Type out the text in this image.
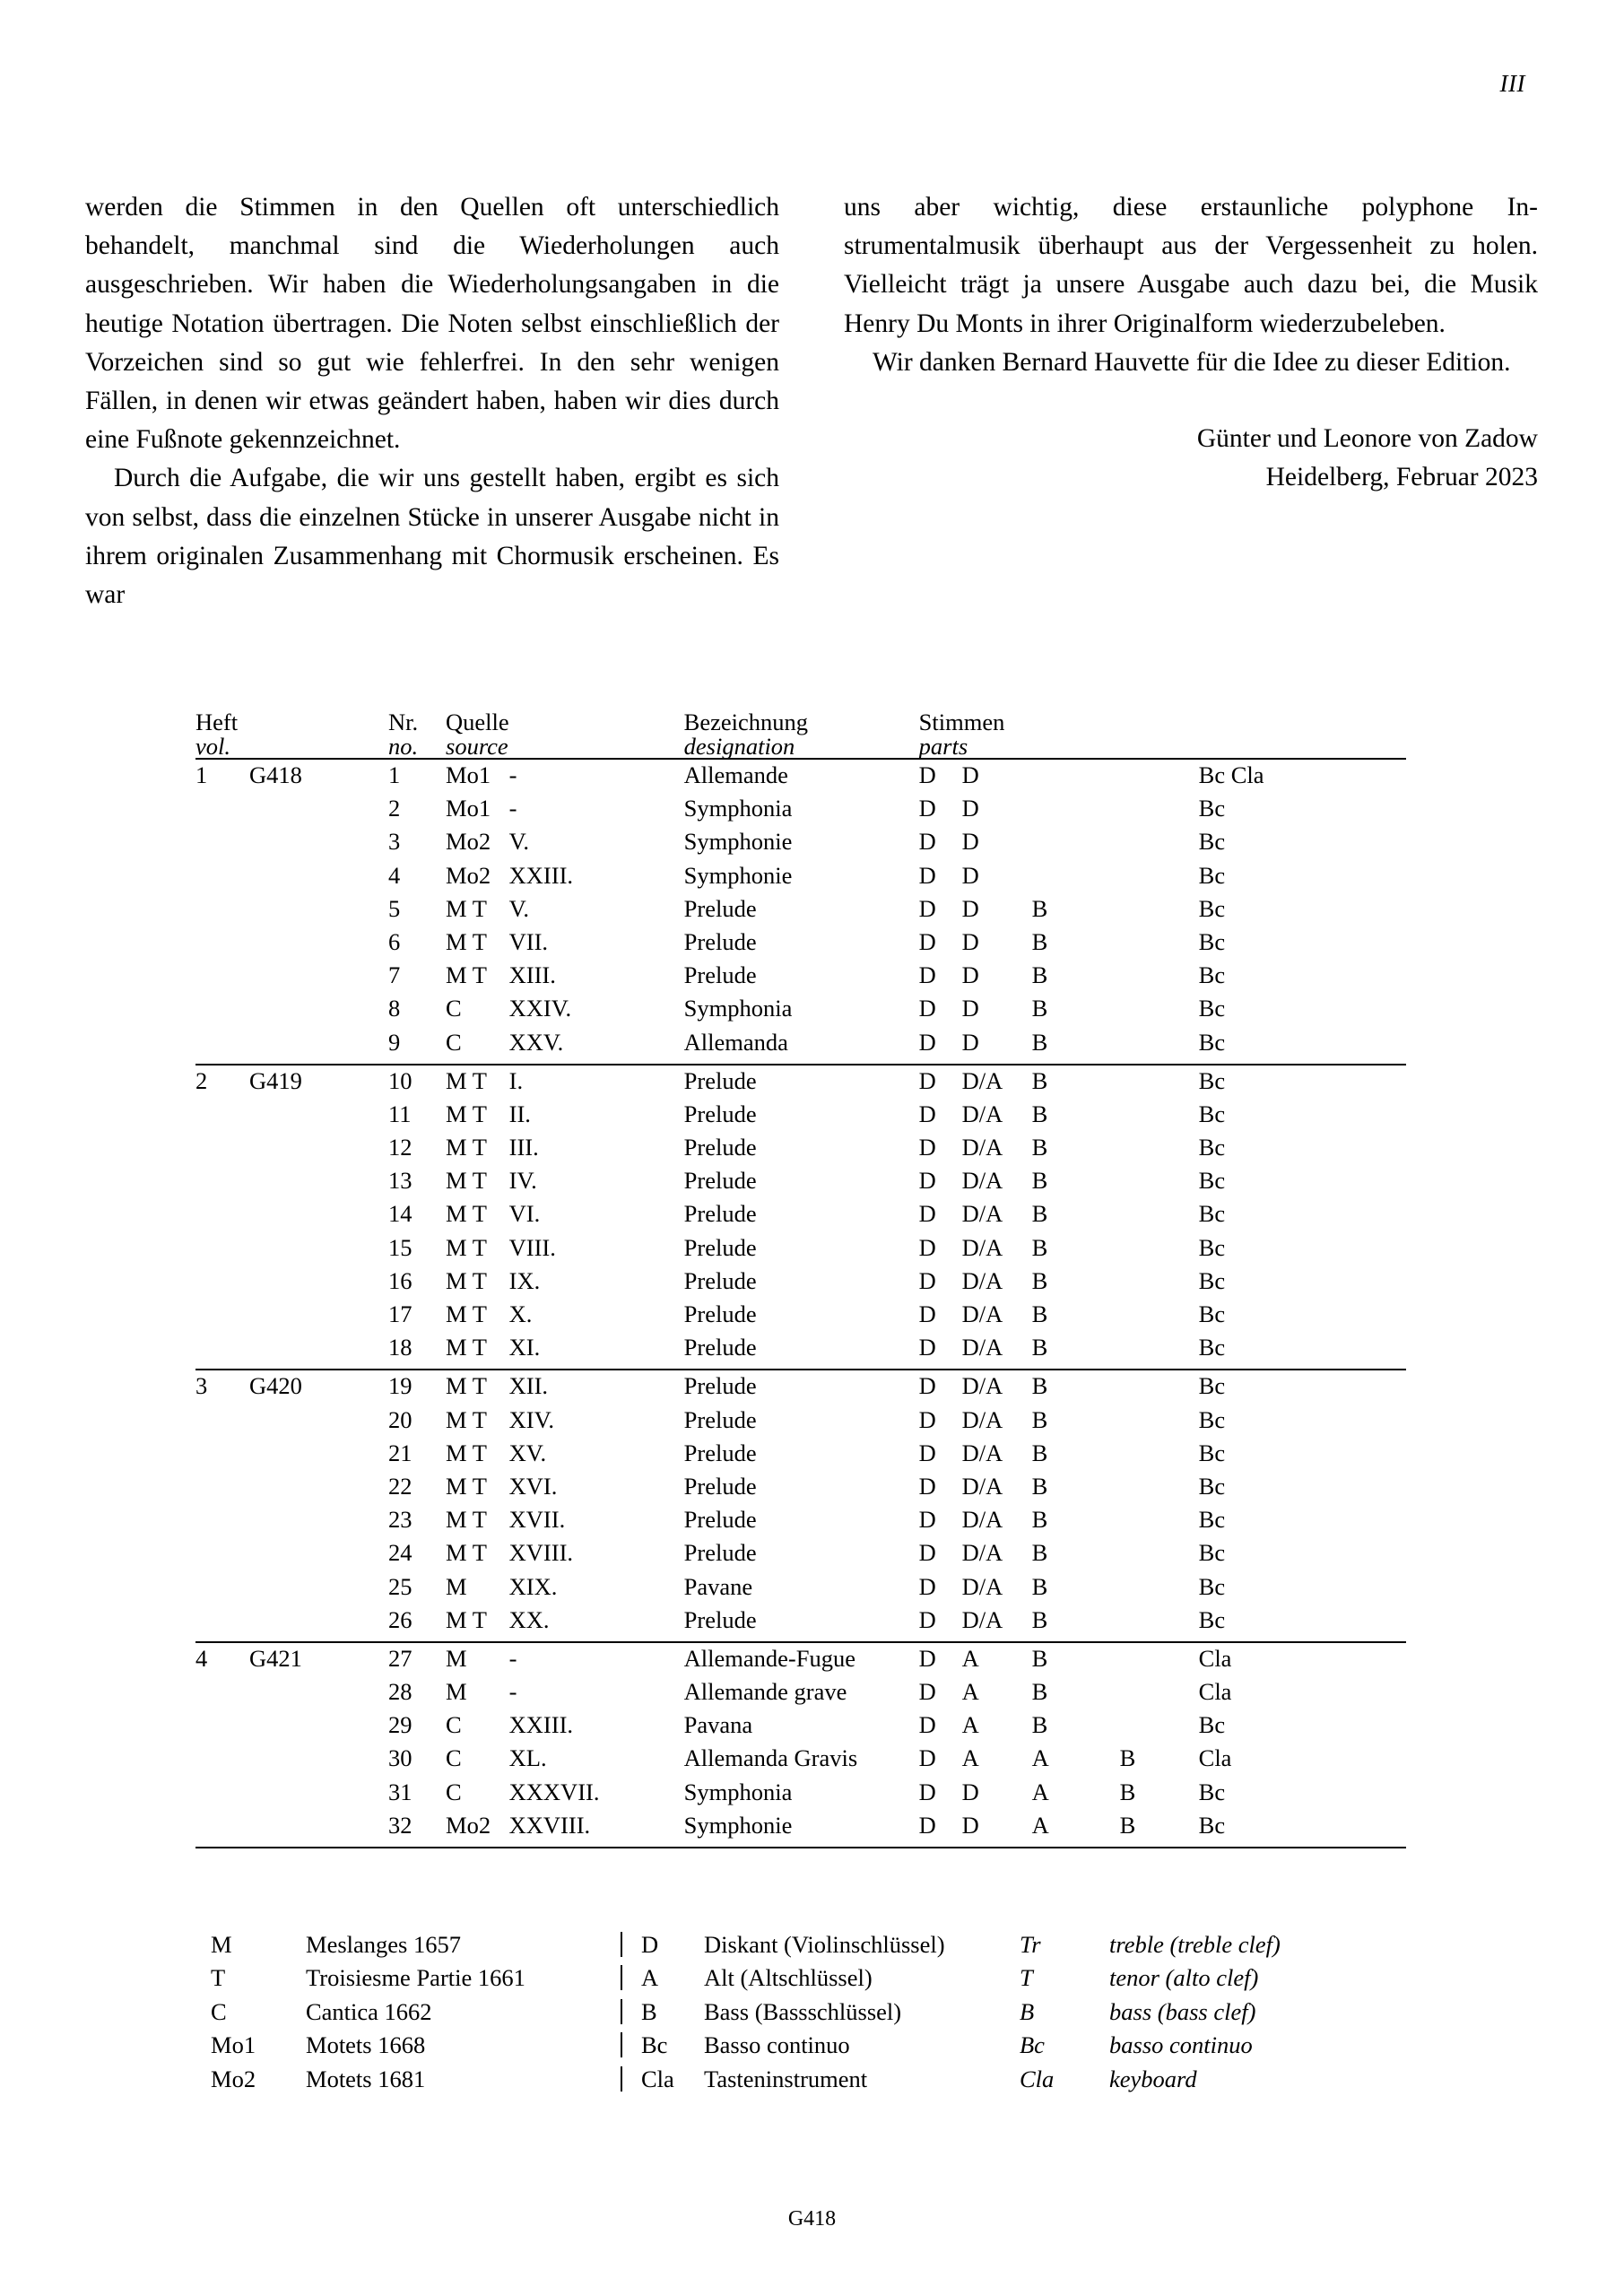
III

werden die Stimmen in den Quellen oft unterschiedlich behandelt, manchmal sind die Wiederholungen auch ausgeschrieben. Wir haben die Wiederholungsangaben in die heutige Notation übertragen. Die Noten selbst einschließlich der Vorzeichen sind so gut wie fehlerfrei. In den sehr wenigen Fällen, in denen wir etwas geändert haben, haben wir dies durch eine Fußnote gekennzeichnet.

Durch die Aufgabe, die wir uns gestellt haben, ergibt es sich von selbst, dass die einzelnen Stücke in unserer Ausgabe nicht in ihrem originalen Zusammenhang mit Chormusik erscheinen. Es war

uns aber wichtig, diese erstaunliche polyphone Instrumentalmusik überhaupt aus der Vergessenheit zu holen. Vielleicht trägt ja unsere Ausgabe auch dazu bei, die Musik Henry Du Monts in ihrer Originalform wiederzubeleben.

Wir danken Bernard Hauvette für die Idee zu dieser Edition.

Günter und Leonore von Zadow
Heidelberg, Februar 2023
Heft		Nr.	Quelle		Bezeichnung	Stimmen				
vol.		no.	source		designation	parts				

1	G418	1	Mo1	-	Allemande	D	D			Bc Cla
		2	Mo1	-	Symphonia	D	D			Bc
		3	Mo2	V.	Symphonie	D	D			Bc
		4	Mo2	XXIII.	Symphonie	D	D			Bc
		5	M T	V.	Prelude	D	D	B		Bc
		6	M T	VII.	Prelude	D	D	B		Bc
		7	M T	XIII.	Prelude	D	D	B		Bc
		8	C	XXIV.	Symphonia	D	D	B		Bc
		9	C	XXV.	Allemanda	D	D	B		Bc

2	G419	10	M T	I.	Prelude	D	D/A	B		Bc
		11	M T	II.	Prelude	D	D/A	B		Bc
		12	M T	III.	Prelude	D	D/A	B		Bc
		13	M T	IV.	Prelude	D	D/A	B		Bc
		14	M T	VI.	Prelude	D	D/A	B		Bc
		15	M T	VIII.	Prelude	D	D/A	B		Bc
		16	M T	IX.	Prelude	D	D/A	B		Bc
		17	M T	X.	Prelude	D	D/A	B		Bc
		18	M T	XI.	Prelude	D	D/A	B		Bc

3	G420	19	M T	XII.	Prelude	D	D/A	B		Bc
		20	M T	XIV.	Prelude	D	D/A	B		Bc
		21	M T	XV.	Prelude	D	D/A	B		Bc
		22	M T	XVI.	Prelude	D	D/A	B		Bc
		23	M T	XVII.	Prelude	D	D/A	B		Bc
		24	M T	XVIII.	Prelude	D	D/A	B		Bc
		25	M	XIX.	Pavane	D	D/A	B		Bc
		26	M T	XX.	Prelude	D	D/A	B		Bc

4	G421	27	M	-	Allemande-Fugue	D	A	B		Cla
		28	M	-	Allemande grave	D	A	B		Cla
		29	C	XXIII.	Pavana	D	A	B		Bc
		30	C	XL.	Allemanda Gravis	D	A	A	B	Cla
		31	C	XXXVII.	Symphonia	D	D	A	B	Bc
		32	Mo2	XXVIII.	Symphonie	D	D	A	B	Bc

M	Meslanges 1657		D	Diskant (Violinschlüssel)	Tr	treble (treble clef)
T	Troisiesme Partie 1661		A	Alt (Altschlüssel)	T	tenor (alto clef)
C	Cantica 1662		B	Bass (Bassschlüssel)	B	bass (bass clef)
Mo1	Motets 1668		Bc	Basso continuo	Bc	basso continuo
Mo2	Motets 1681		Cla	Tasteninstrument	Cla	keyboard
G418
